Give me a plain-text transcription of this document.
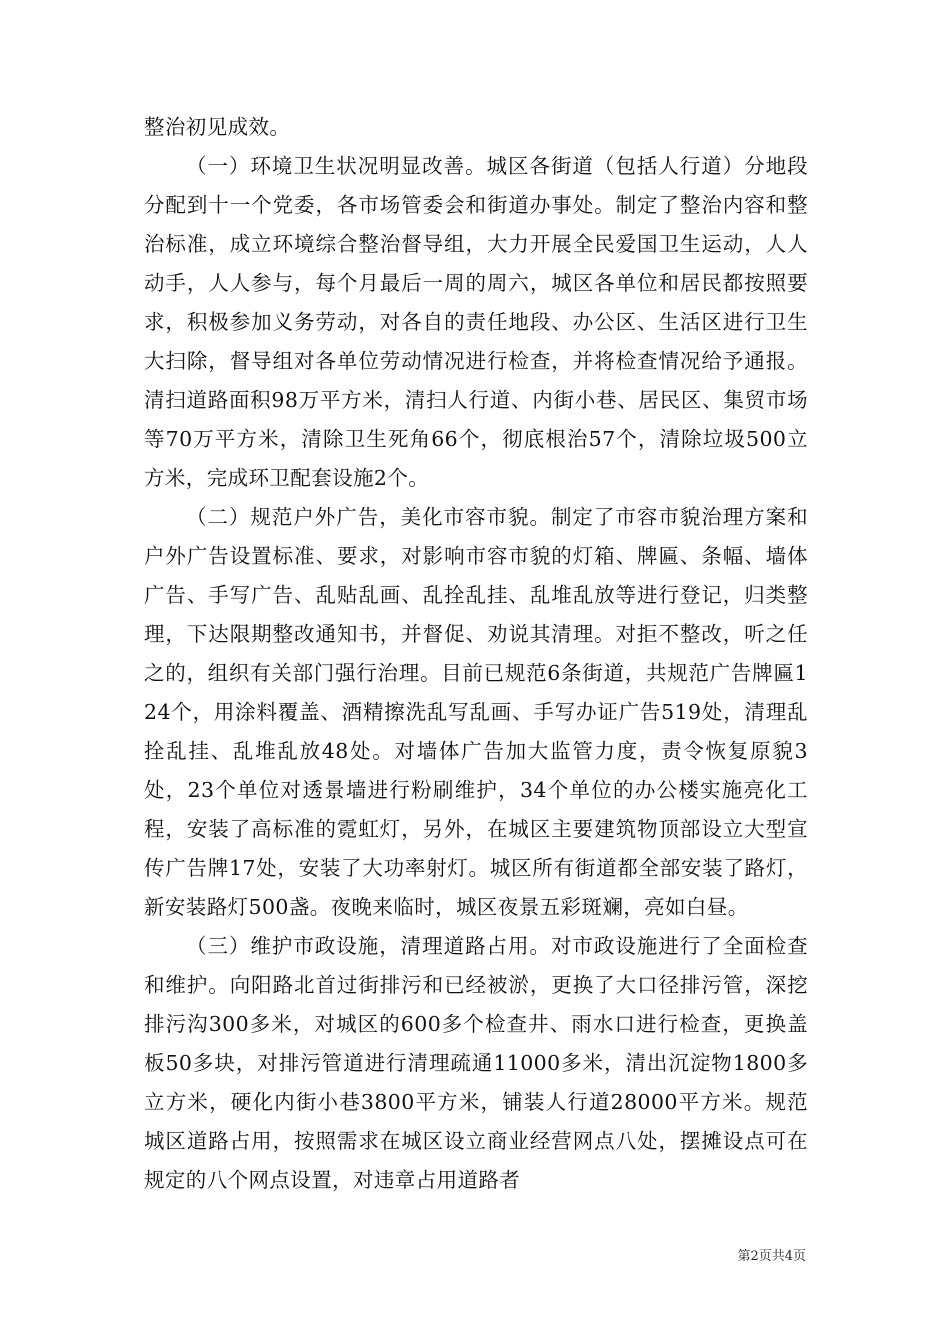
整治初见成效。

（一）环境卫生状况明显改善。城区各街道（包括人行道）分地段分配到十一个党委，各市场管委会和街道办事处。制定了整治内容和整治标准，成立环境综合整治督导组，大力开展全民爱国卫生运动，人人动手，人人参与，每个月最后一周的周六，城区各单位和居民都按照要求，积极参加义务劳动，对各自的责任地段、办公区、生活区进行卫生大扫除，督导组对各单位劳动情况进行检查，并将检查情况给予通报。清扫道路面积98万平方米，清扫人行道、内街小巷、居民区、集贸市场等70万平方米，清除卫生死角66个，彻底根治57个，清除垃圾500立方米，完成环卫配套设施2个。

（二）规范户外广告，美化市容市貌。制定了市容市貌治理方案和户外广告设置标准、要求，对影响市容市貌的灯箱、牌匾、条幅、墙体广告、手写广告、乱贴乱画、乱拴乱挂、乱堆乱放等进行登记，归类整理，下达限期整改通知书，并督促、劝说其清理。对拒不整改，听之任之的，组织有关部门强行治理。目前已规范6条街道，共规范广告牌匾124个，用涂料覆盖、酒精擦洗乱写乱画、手写办证广告519处，清理乱拴乱挂、乱堆乱放48处。对墙体广告加大监管力度，责令恢复原貌3处，23个单位对透景墙进行粉刷维护，34个单位的办公楼实施亮化工程，安装了高标准的霓虹灯，另外，在城区主要建筑物顶部设立大型宣传广告牌17处，安装了大功率射灯。城区所有街道都全部安装了路灯，新安装路灯500盏。夜晚来临时，城区夜景五彩斑斓，亮如白昼。

（三）维护市政设施，清理道路占用。对市政设施进行了全面检查和维护。向阳路北首过街排污和已经被淤，更换了大口径排污管，深挖排污沟300多米，对城区的600多个检查井、雨水口进行检查，更换盖板50多块，对排污管道进行清理疏通11000多米，清出沉淀物1800多立方米，硬化内街小巷3800平方米，铺装人行道28000平方米。规范城区道路占用，按照需求在城区设立商业经营网点八处，摆摊设点可在规定的八个网点设置，对违章占用道路者

第2页共4页
